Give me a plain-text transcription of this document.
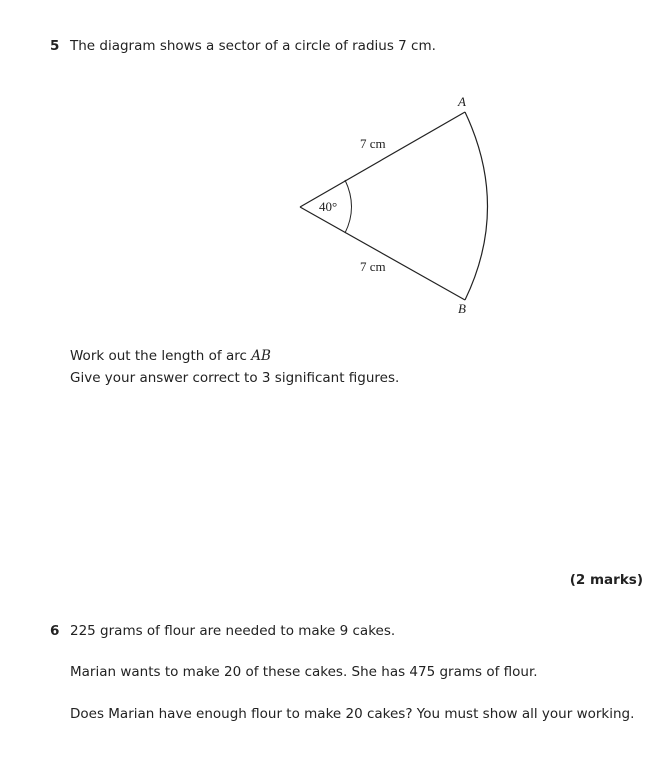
5 The diagram shows a sector of a circle of radius 7 cm.
A
B
40°
7 cm
7 cm
Work out the length of arc AB
Give your answer correct to 3 significant figures.
(2 marks)
6 225 grams of flour are needed to make 9 cakes.
Marian wants to make 20 of these cakes. She has 475 grams of flour.
Does Marian have enough flour to make 20 cakes? You must show all your working.
